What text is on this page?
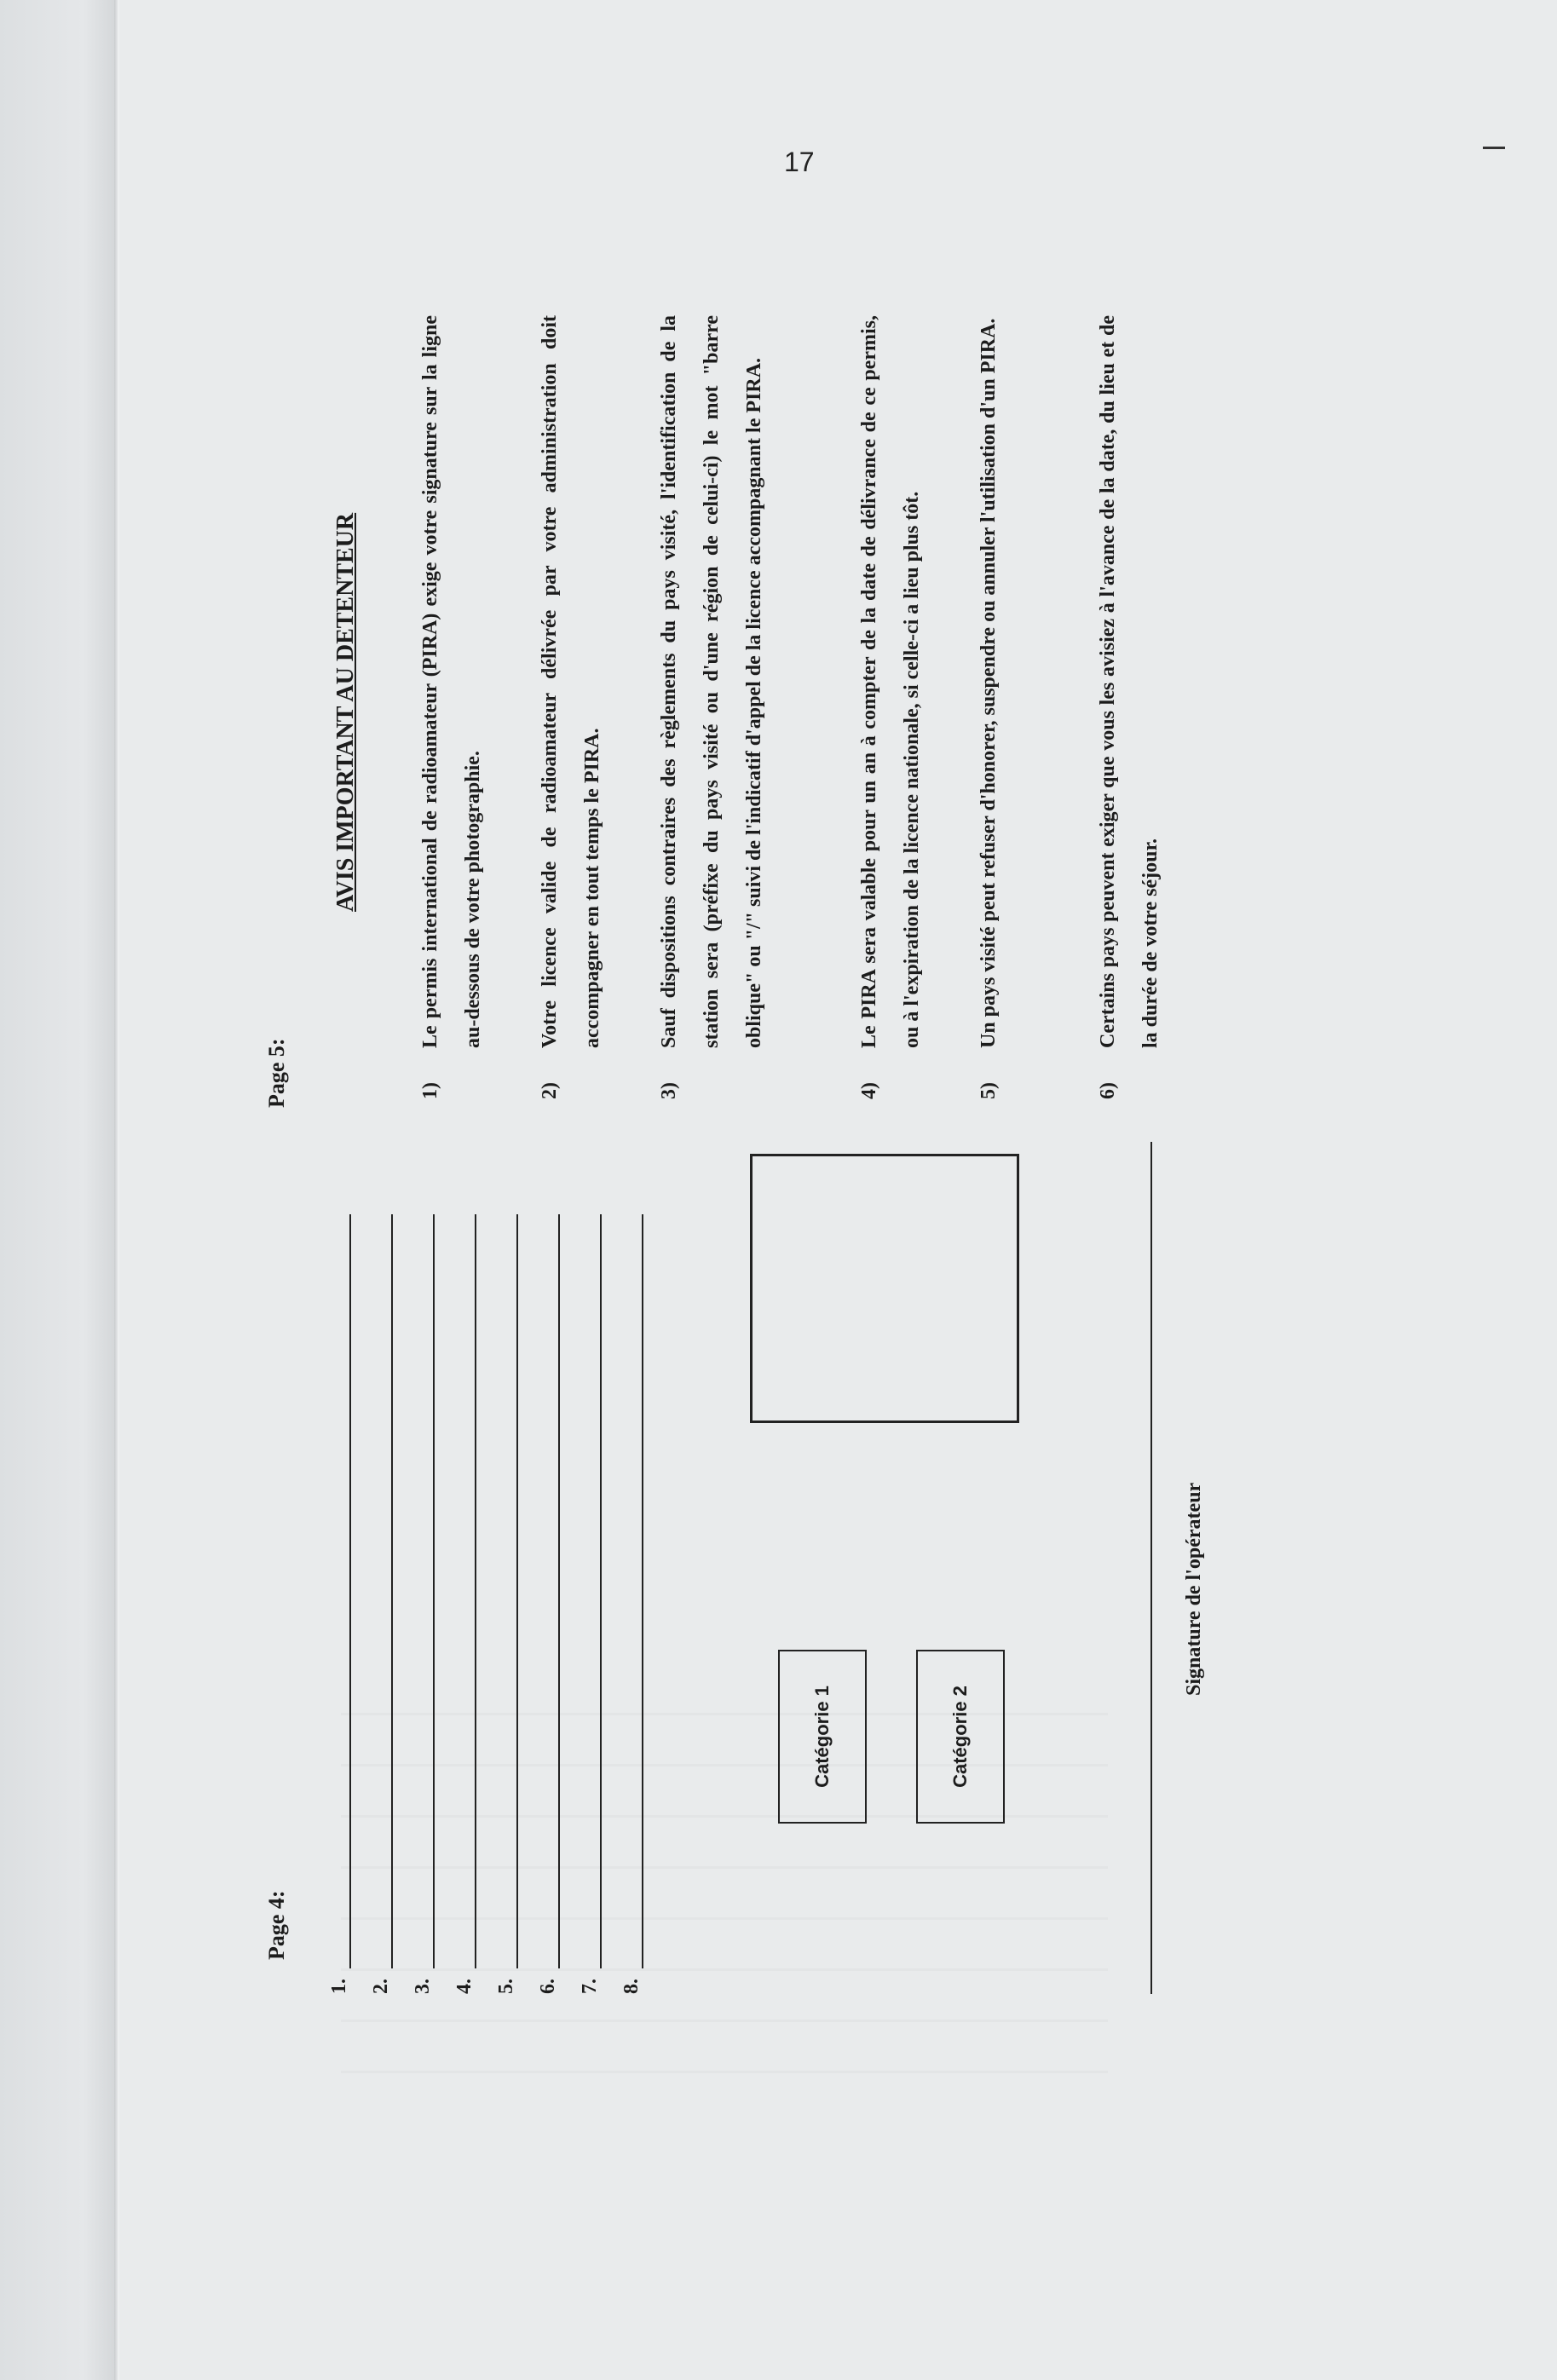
17
Page 4:
1. 2. 3. 4. 5. 6. 7. 8.
Catégorie 1	Catégorie 2
Signature de l'opérateur
Page 5:
AVIS IMPORTANT AU DETENTEUR
1)
Le permis international de radioamateur (PIRA) exige votre signature sur la ligne au-dessous de votre photographie.
2)
Votre licence valide de radioamateur délivrée par votre administration doit accompagner en tout temps le PIRA.
3)
Sauf dispositions contraires des règlements du pays visité, l'identification de la station sera (préfixe du pays visité ou d'une région de celui-ci) le mot "barre oblique" ou "/" suivi de l'indicatif d'appel de la licence accompagnant le PIRA.
4)
Le PIRA sera valable pour un an à compter de la date de délivrance de ce permis, ou à l'expiration de la licence nationale, si celle-ci a lieu plus tôt.
5)
Un pays visité peut refuser d'honorer, suspendre ou annuler l'utilisation d'un PIRA.
6)
Certains pays peuvent exiger que vous les avisiez à l'avance de la date, du lieu et de la durée de votre séjour.
